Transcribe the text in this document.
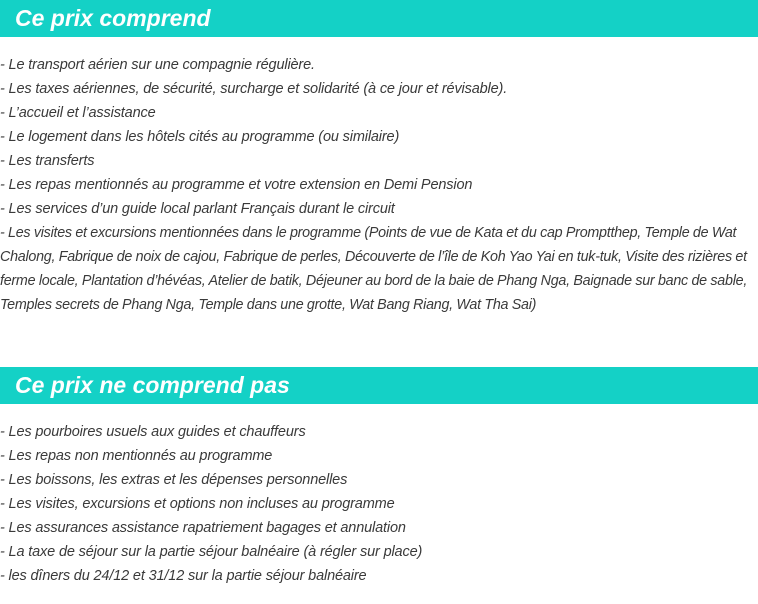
Ce prix comprend
- Le transport aérien sur une compagnie régulière.
- Les taxes aériennes, de sécurité, surcharge et solidarité (à ce jour et révisable).
- L’accueil et l’assistance
- Le logement dans les hôtels cités au programme (ou similaire)
- Les transferts
- Les repas mentionnés au programme et votre extension en Demi Pension
- Les services d’un guide local parlant Français durant le circuit
- Les visites et excursions mentionnées dans le programme (Points de vue de Kata et du cap Promptthep, Temple de Wat Chalong, Fabrique de noix de cajou, Fabrique de perles, Découverte de l’île de Koh Yao Yai en tuk-tuk, Visite des rizières et ferme locale, Plantation d’hévéas, Atelier de batik, Déjeuner au bord de la baie de Phang Nga, Baignade sur banc de sable, Temples secrets de Phang Nga, Temple dans une grotte, Wat Bang Riang, Wat Tha Sai)
Ce prix ne comprend pas
- Les pourboires usuels aux guides et chauffeurs
- Les repas non mentionnés au programme
- Les boissons, les extras et les dépenses personnelles
- Les visites, excursions et options non incluses au programme
- Les assurances assistance rapatriement bagages et annulation
- La taxe de séjour sur la partie séjour balnéaire (à régler sur place)
- les dîners du 24/12 et 31/12 sur la partie séjour balnéaire
